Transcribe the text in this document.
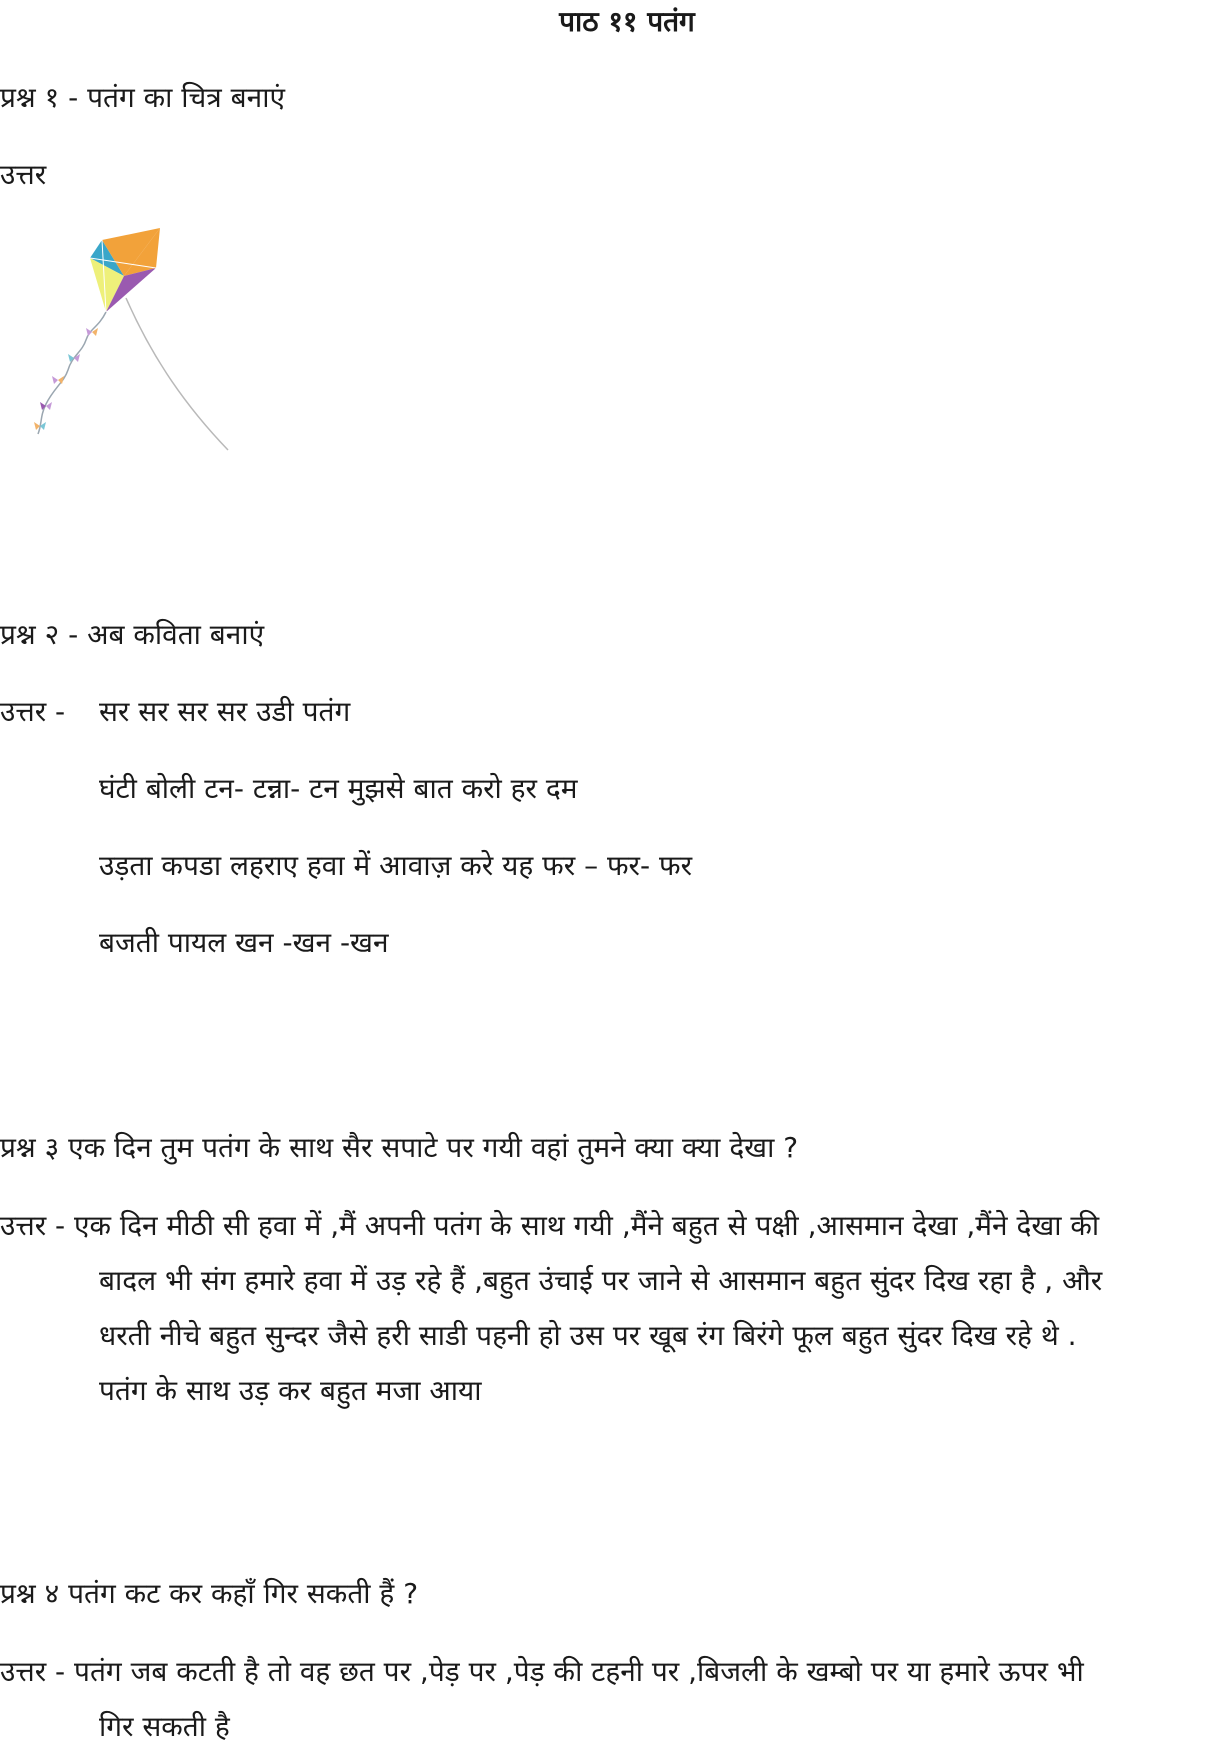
पाठ ११ पतंग
प्रश्न १ - पतंग का चित्र बनाएं
उत्तर
प्रश्न २ - अब कविता बनाएं
उत्तर - सर सर सर सर उडी पतंग
घंटी बोली टन- टन्ना- टन मुझसे बात करो हर दम
उड़ता कपडा लहराए हवा में आवाज़ करे यह फर – फर- फर
बजती पायल खन -खन -खन
प्रश्न ३ एक दिन तुम पतंग के साथ सैर सपाटे पर गयी वहां तुमने क्या क्या देखा ?
उत्तर - एक दिन मीठी सी हवा में ,मैं अपनी पतंग के साथ गयी ,मैंने बहुत से पक्षी ,आसमान देखा ,मैंने देखा की
बादल भी संग हमारे हवा में उड़ रहे हैं ,बहुत उंचाई पर जाने से आसमान बहुत सुंदर दिख रहा है , और
धरती नीचे बहुत सुन्दर जैसे हरी साडी पहनी हो उस पर खूब रंग बिरंगे फूल बहुत सुंदर दिख रहे थे .
पतंग के साथ उड़ कर बहुत मजा आया
प्रश्न ४ पतंग कट कर कहाँ गिर सकती हैं ?
उत्तर - पतंग जब कटती है तो वह छत पर ,पेड़ पर ,पेड़ की टहनी पर ,बिजली के खम्बो पर या हमारे ऊपर भी
गिर सकती है
